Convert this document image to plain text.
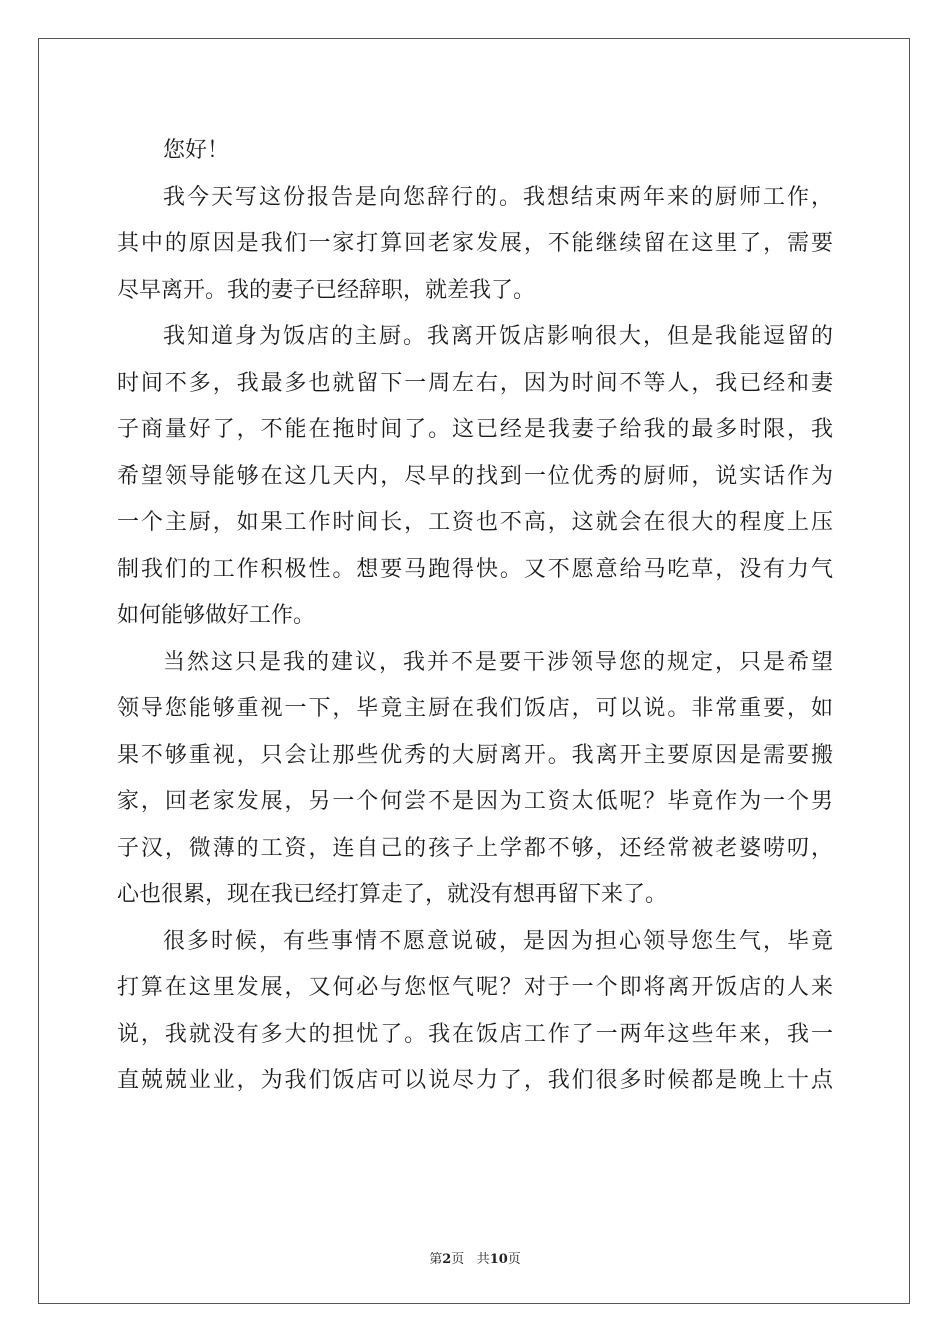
您好！
我今天写这份报告是向您辞行的。我想结束两年来的厨师工作，
其中的原因是我们一家打算回老家发展，不能继续留在这里了，需要
尽早离开。我的妻子已经辞职，就差我了。
我知道身为饭店的主厨。我离开饭店影响很大，但是我能逗留的
时间不多，我最多也就留下一周左右，因为时间不等人，我已经和妻
子商量好了，不能在拖时间了。这已经是我妻子给我的最多时限，我
希望领导能够在这几天内，尽早的找到一位优秀的厨师，说实话作为
一个主厨，如果工作时间长，工资也不高，这就会在很大的程度上压
制我们的工作积极性。想要马跑得快。又不愿意给马吃草，没有力气
如何能够做好工作。
当然这只是我的建议，我并不是要干涉领导您的规定，只是希望
领导您能够重视一下，毕竟主厨在我们饭店，可以说。非常重要，如
果不够重视，只会让那些优秀的大厨离开。我离开主要原因是需要搬
家，回老家发展，另一个何尝不是因为工资太低呢？毕竟作为一个男
子汉，微薄的工资，连自己的孩子上学都不够，还经常被老婆唠叨，
心也很累，现在我已经打算走了，就没有想再留下来了。
很多时候，有些事情不愿意说破，是因为担心领导您生气，毕竟
打算在这里发展，又何必与您怄气呢？对于一个即将离开饭店的人来
说，我就没有多大的担忧了。我在饭店工作了一两年这些年来，我一
直兢兢业业，为我们饭店可以说尽力了，我们很多时候都是晚上十点
第2页 共10页
